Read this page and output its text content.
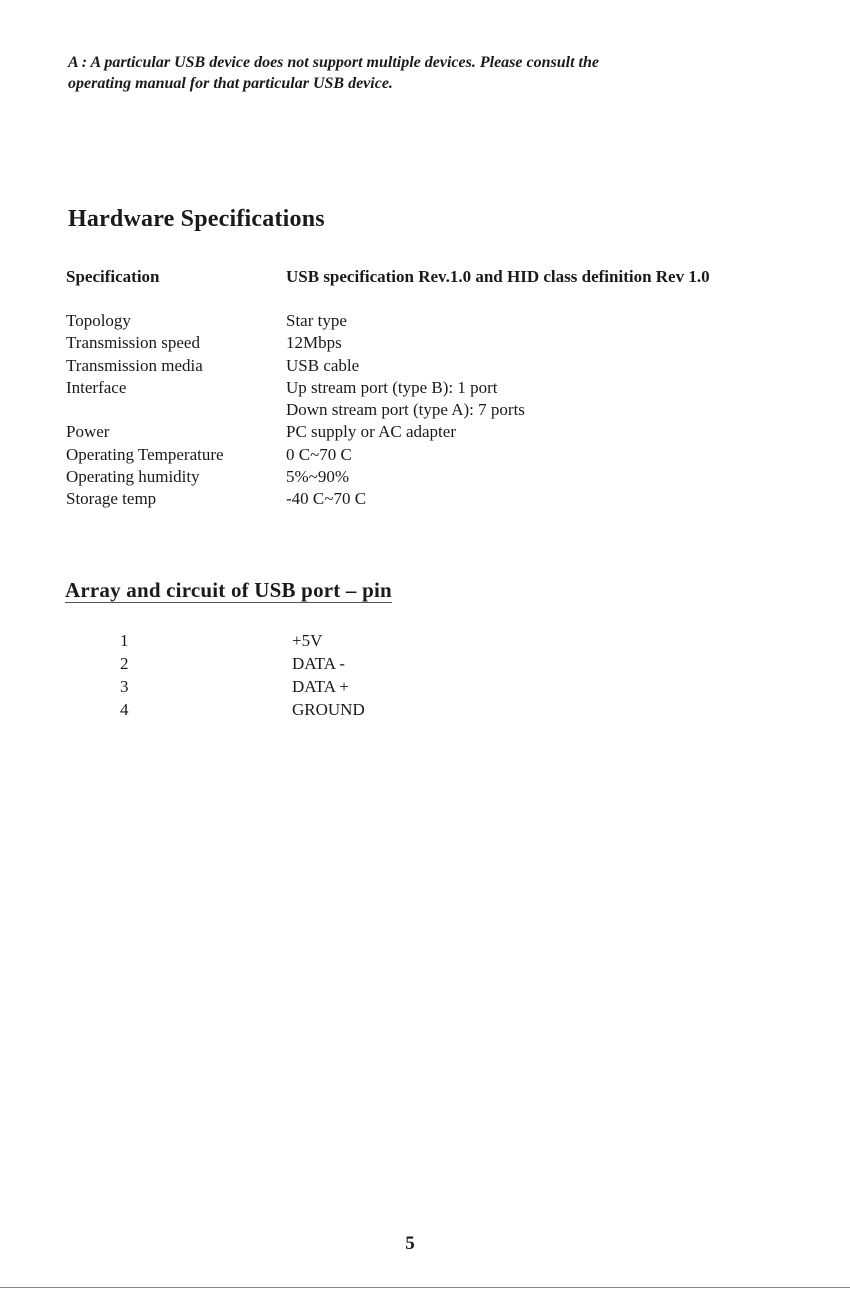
A : A particular USB device does not support multiple devices. Please consult the
operating manual for that particular USB device.
Hardware Specifications
Specification	USB specification Rev.1.0 and HID class definition Rev 1.0
Topology	Star type
Transmission speed	12Mbps
Transmission media	USB cable
Interface	Up stream port (type B): 1 port
Down stream port (type A): 7 ports
Power	PC supply or AC adapter
Operating Temperature	0 C~70 C
Operating humidity	5%~90%
Storage temp	-40 C~70 C
Array and circuit of USB port – pin
1	+5V
2	DATA -
3	DATA +
4	GROUND
5
